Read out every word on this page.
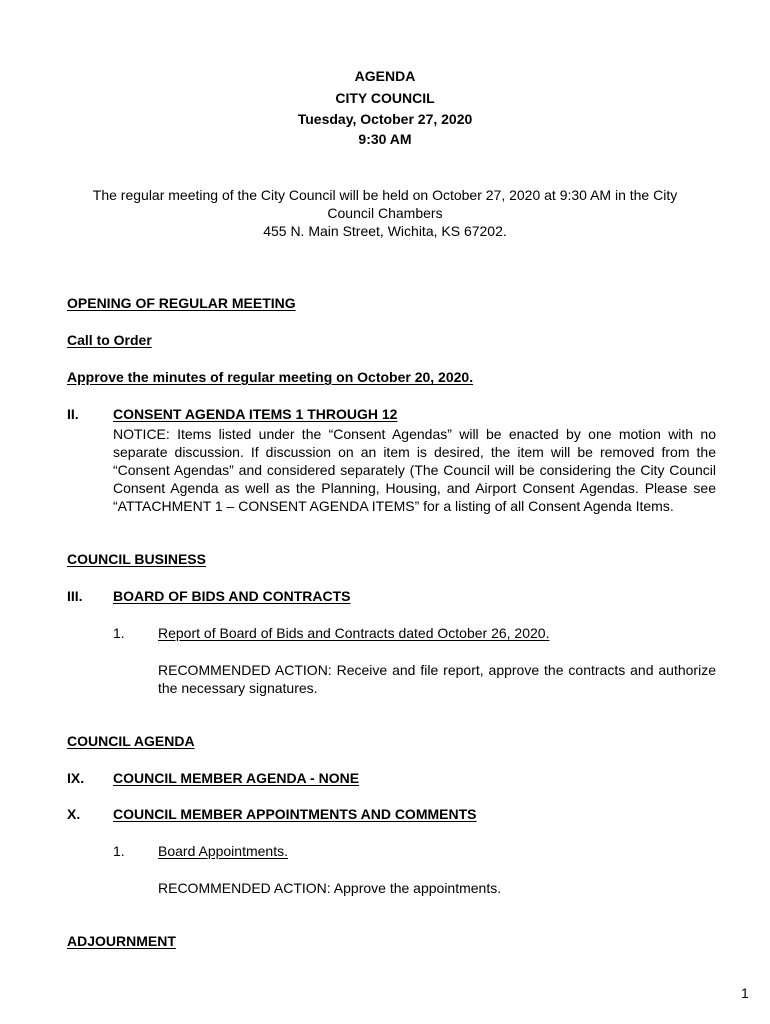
AGENDA
CITY COUNCIL
Tuesday, October 27, 2020
9:30 AM
The regular meeting of the City Council will be held on October 27, 2020 at 9:30 AM in the City
Council Chambers
455 N. Main Street, Wichita, KS 67202.
OPENING OF REGULAR MEETING
Call to Order
Approve the minutes of regular meeting on October 20, 2020.
II. CONSENT AGENDA ITEMS 1 THROUGH 12
NOTICE: Items listed under the “Consent Agendas” will be enacted by one motion with no separate discussion. If discussion on an item is desired, the item will be removed from the “Consent Agendas” and considered separately (The Council will be considering the City Council Consent Agenda as well as the Planning, Housing, and Airport Consent Agendas. Please see “ATTACHMENT 1 – CONSENT AGENDA ITEMS” for a listing of all Consent Agenda Items.
COUNCIL BUSINESS
III. BOARD OF BIDS AND CONTRACTS
1. Report of Board of Bids and Contracts dated October 26, 2020.
RECOMMENDED ACTION: Receive and file report, approve the contracts and authorize the necessary signatures.
COUNCIL AGENDA
IX. COUNCIL MEMBER AGENDA - NONE
X. COUNCIL MEMBER APPOINTMENTS AND COMMENTS
1. Board Appointments.
RECOMMENDED ACTION: Approve the appointments.
ADJOURNMENT
1
